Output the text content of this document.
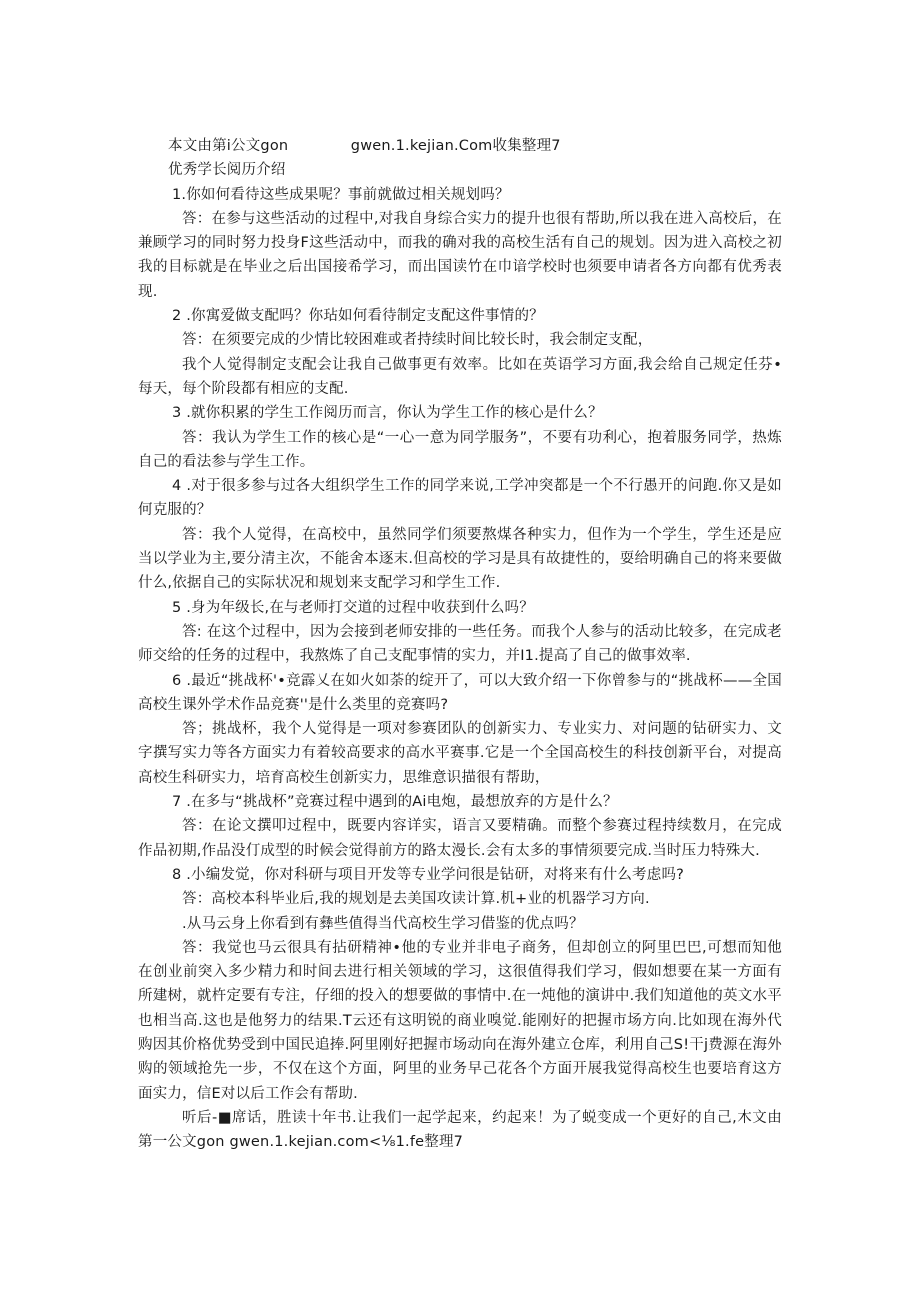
本文由第i公文gon             gwen.1.kejian.Com收集整理7

优秀学长阅历介绍

1.你如何看待这些成果呢？事前就做过相关规划吗？

答：在参与这些活动的过程中,对我自身综合实力的提升也很有帮助,所以我在进入高校后，在兼顾学习的同时努力投身F这些活动中，而我的确对我的高校生活有自己的规划。因为进入高校之初我的目标就是在毕业之后出国接希学习，而出国读竹在巾谙学校时也须要申请者各方向都有优秀表现.

2 .你寓爱做支配吗？你玷如何看待制定支配这件事情的？

答：在须要完成的少情比较困难或者持续时间比较长时，我会制定支配，

我个人觉得制定支配会让我自己做事更有效率。比如在英语学习方面,我会给自己规定任芬•每天，每个阶段都有相应的支配.

3 .就你积累的学生工作阅历而言，你认为学生工作的核心是什么？

答：我认为学生工作的核心是“一心一意为同学服务”，不要有功利心，抱着服务同学，热炼自己的看法参与学生工作。

4 .对于很多参与过各大组织学生工作的同学来说,工学冲突都是一个不行愚开的问跑.你又是如何克服的？

答：我个人觉得，在高校中，虽然同学们须要熬煤各种实力，但作为一个学生，学生还是应当以学业为主,要分清主次，不能舍本逐末.但高校的学习是具有故捷性的，耍给明确自己的将来要做什么,依据自己的实际状况和规划来支配学习和学生工作.

5 .身为年级长,在与老师打交道的过程中收获到什么吗？

答: 在这个过程中，因为会接到老师安排的一些任务。而我个人参与的活动比较多，在完成老师交给的任务的过程中，我熬炼了自己支配事情的实力，并I1.提高了自己的做事效率.

6 .最近“挑战杯'•竞霹乂在如火如荼的绽开了，可以大致介绍一下你曾参与的“挑战杯——全国高校生课外学术作品竞赛''是什么类里的竞赛吗?

答；挑战杯，我个人觉得是一项对参赛团队的创新实力、专业实力、对问题的钻研实力、文字撰写实力等各方面实力有着较高要求的高水平赛事.它是一个全国高校生的科技创新平台，对提高高校生科研实力，培育高校生创新实力，思维意识描很有帮助，

7 .在多与“挑战杯”竞赛过程中遇到的Ai电炮，最想放弃的方是什么？

答：在论文撰叩过程中，既要内容详实，语言又要精确。而整个参赛过程持续数月，在完成作品初期,作品没仃成型的时候会觉得前方的路太漫长.会有太多的事情须要完成.当时压力特殊大.

8 .小编发觉，你对科研与项目开发等专业学问很是钻研，对将来有什么考虑吗?

答：高校本科毕业后,我的规划是去美国攻读计算.机+业的机器学习方向.

.从马云身上你看到有彝些值得当代高校生学习借鉴的优点吗？

答：我觉也马云很具有拈研精神•他的专业并非电子商务，但却创立的阿里巴巴,可想而知他在创业前突入多少精力和时间去进行相关领域的学习，这很值得我们学习，假如想要在某一方面有所建树，就杵定要有专注，仔细的投入的想要做的事情中.在一炖他的演讲中.我们知道他的英文水平也相当高.这也是他努力的结果.T云还有这明锐的商业嗅觉.能刚好的把握市场方向.比如现在海外代购因其价格优势受到中国民追捧.阿里刚好把握市场动向在海外建立仓库，利用自己S!干j费源在海外购的领域抢先一步，不仅在这个方面，阿里的业务早己花各个方面开展我觉得高校生也要培育这方面实力，信E对以后工作会有帮助.

听后-■席话，胜读十年书.让我们一起学起来，约起来！为了蜕变成一个更好的自己,木文由第一公文gon gwen.1.kejian.com<⅛1.fe整理7
